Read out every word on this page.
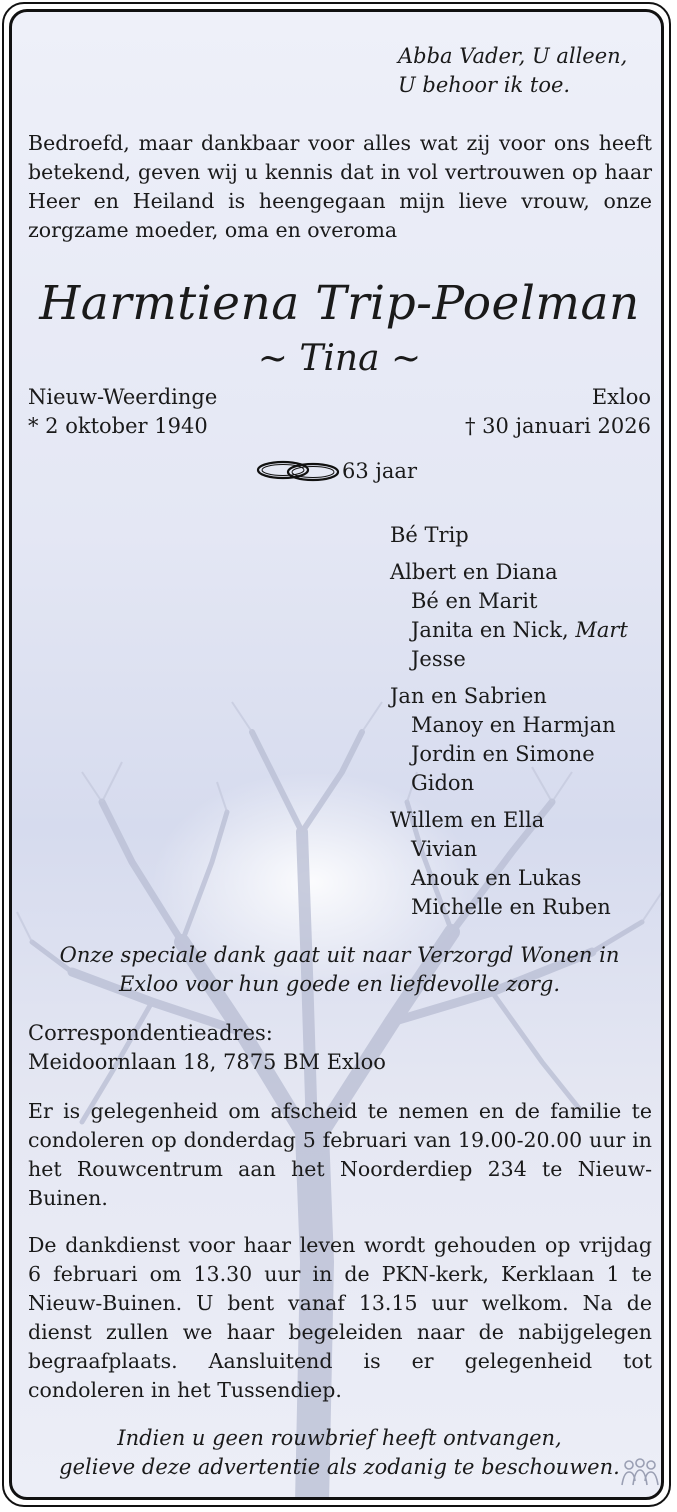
Abba Vader, U alleen,
U behoor ik toe.
Bedroefd, maar dankbaar voor alles wat zij voor ons heeft betekend, geven wij u kennis dat in vol vertrouwen op haar Heer en Heiland is heengegaan mijn lieve vrouw, onze zorgzame moeder, oma en overoma
Harmtiena Trip-Poelman
~ Tina ~
Nieuw-Weerdinge	Exloo
* 2 oktober 1940	† 30 januari 2026
63 jaar
Bé Trip
Albert en Diana
Bé en Marit
Janita en Nick, Mart
Jesse
Jan en Sabrien
Manoy en Harmjan
Jordin en Simone
Gidon
Willem en Ella
Vivian
Anouk en Lukas
Michelle en Ruben
Onze speciale dank gaat uit naar Verzorgd Wonen in
Exloo voor hun goede en liefdevolle zorg.
Correspondentieadres:
Meidoornlaan 18, 7875 BM Exloo
Er is gelegenheid om afscheid te nemen en de familie te condoleren op donderdag 5 februari van 19.00-20.00 uur in het Rouwcentrum aan het Noorderdiep 234 te Nieuw-Buinen.
De dankdienst voor haar leven wordt gehouden op vrijdag 6 februari om 13.30 uur in de PKN-kerk, Kerklaan 1 te Nieuw-Buinen. U bent vanaf 13.15 uur welkom. Na de dienst zullen we haar begeleiden naar de nabijgelegen begraafplaats. Aansluitend is er gelegenheid tot condoleren in het Tussendiep.
Indien u geen rouwbrief heeft ontvangen,
gelieve deze advertentie als zodanig te beschouwen.
